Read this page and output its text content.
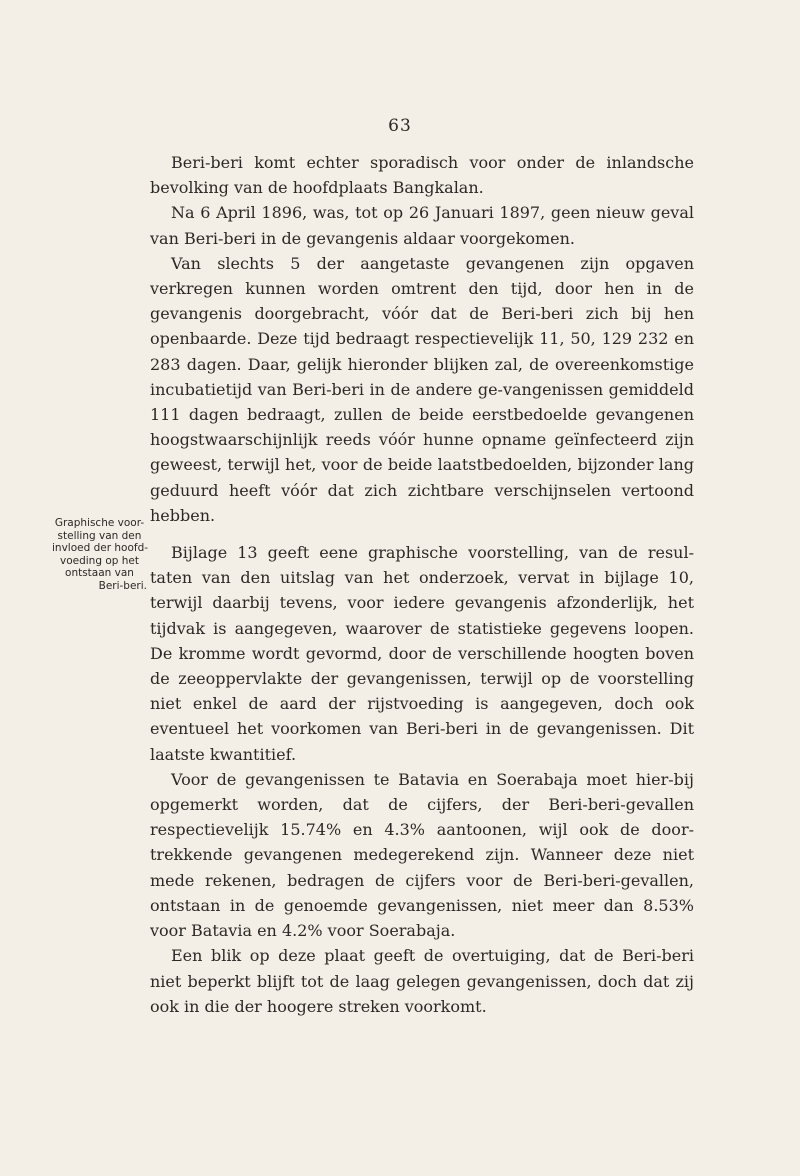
63
Graphische voor-
stelling van den
invloed der hoofd-
voeding op het
ontstaan van
Beri-beri.

Beri-beri komt echter sporadisch voor onder de inlandsche bevolking van de hoofdplaats Bangkalan.

Na 6 April 1896, was, tot op 26 Januari 1897, geen nieuw geval van Beri-beri in de gevangenis aldaar voorgekomen.

Van slechts 5 der aangetaste gevangenen zijn opgaven verkregen kunnen worden omtrent den tijd, door hen in de gevangenis doorgebracht, vóór dat de Beri-beri zich bij hen openbaarde. Deze tijd bedraagt respectievelijk 11, 50, 129 232 en 283 dagen. Daar, gelijk hieronder blijken zal, de overeenkomstige incubatietijd van Beri-beri in de andere ge-vangenissen gemiddeld 111 dagen bedraagt, zullen de beide eerstbedoelde gevangenen hoogstwaarschijnlijk reeds vóór hunne opname geïnfecteerd zijn geweest, terwijl het, voor de beide laatstbedoelden, bijzonder lang geduurd heeft vóór dat zich zichtbare verschijnselen vertoond hebben.

Bijlage 13 geeft eene graphische voorstelling, van de resul-taten van den uitslag van het onderzoek, vervat in bijlage 10, terwijl daarbij tevens, voor iedere gevangenis afzonderlijk, het tijdvak is aangegeven, waarover de statistieke gegevens loopen. De kromme wordt gevormd, door de verschillende hoogten boven de zeeoppervlakte der gevangenissen, terwijl op de voorstelling niet enkel de aard der rijstvoeding is aangegeven, doch ook eventueel het voorkomen van Beri-beri in de gevangenissen. Dit laatste kwantitief.

Voor de gevangenissen te Batavia en Soerabaja moet hier-bij opgemerkt worden, dat de cijfers, der Beri-beri-gevallen respectievelijk 15.74% en 4.3% aantoonen, wijl ook de door-trekkende gevangenen medegerekend zijn. Wanneer deze niet mede rekenen, bedragen de cijfers voor de Beri-beri-gevallen, ontstaan in de genoemde gevangenissen, niet meer dan 8.53% voor Batavia en 4.2% voor Soerabaja.

Een blik op deze plaat geeft de overtuiging, dat de Beri-beri niet beperkt blijft tot de laag gelegen gevangenissen, doch dat zij ook in die der hoogere streken voorkomt.
